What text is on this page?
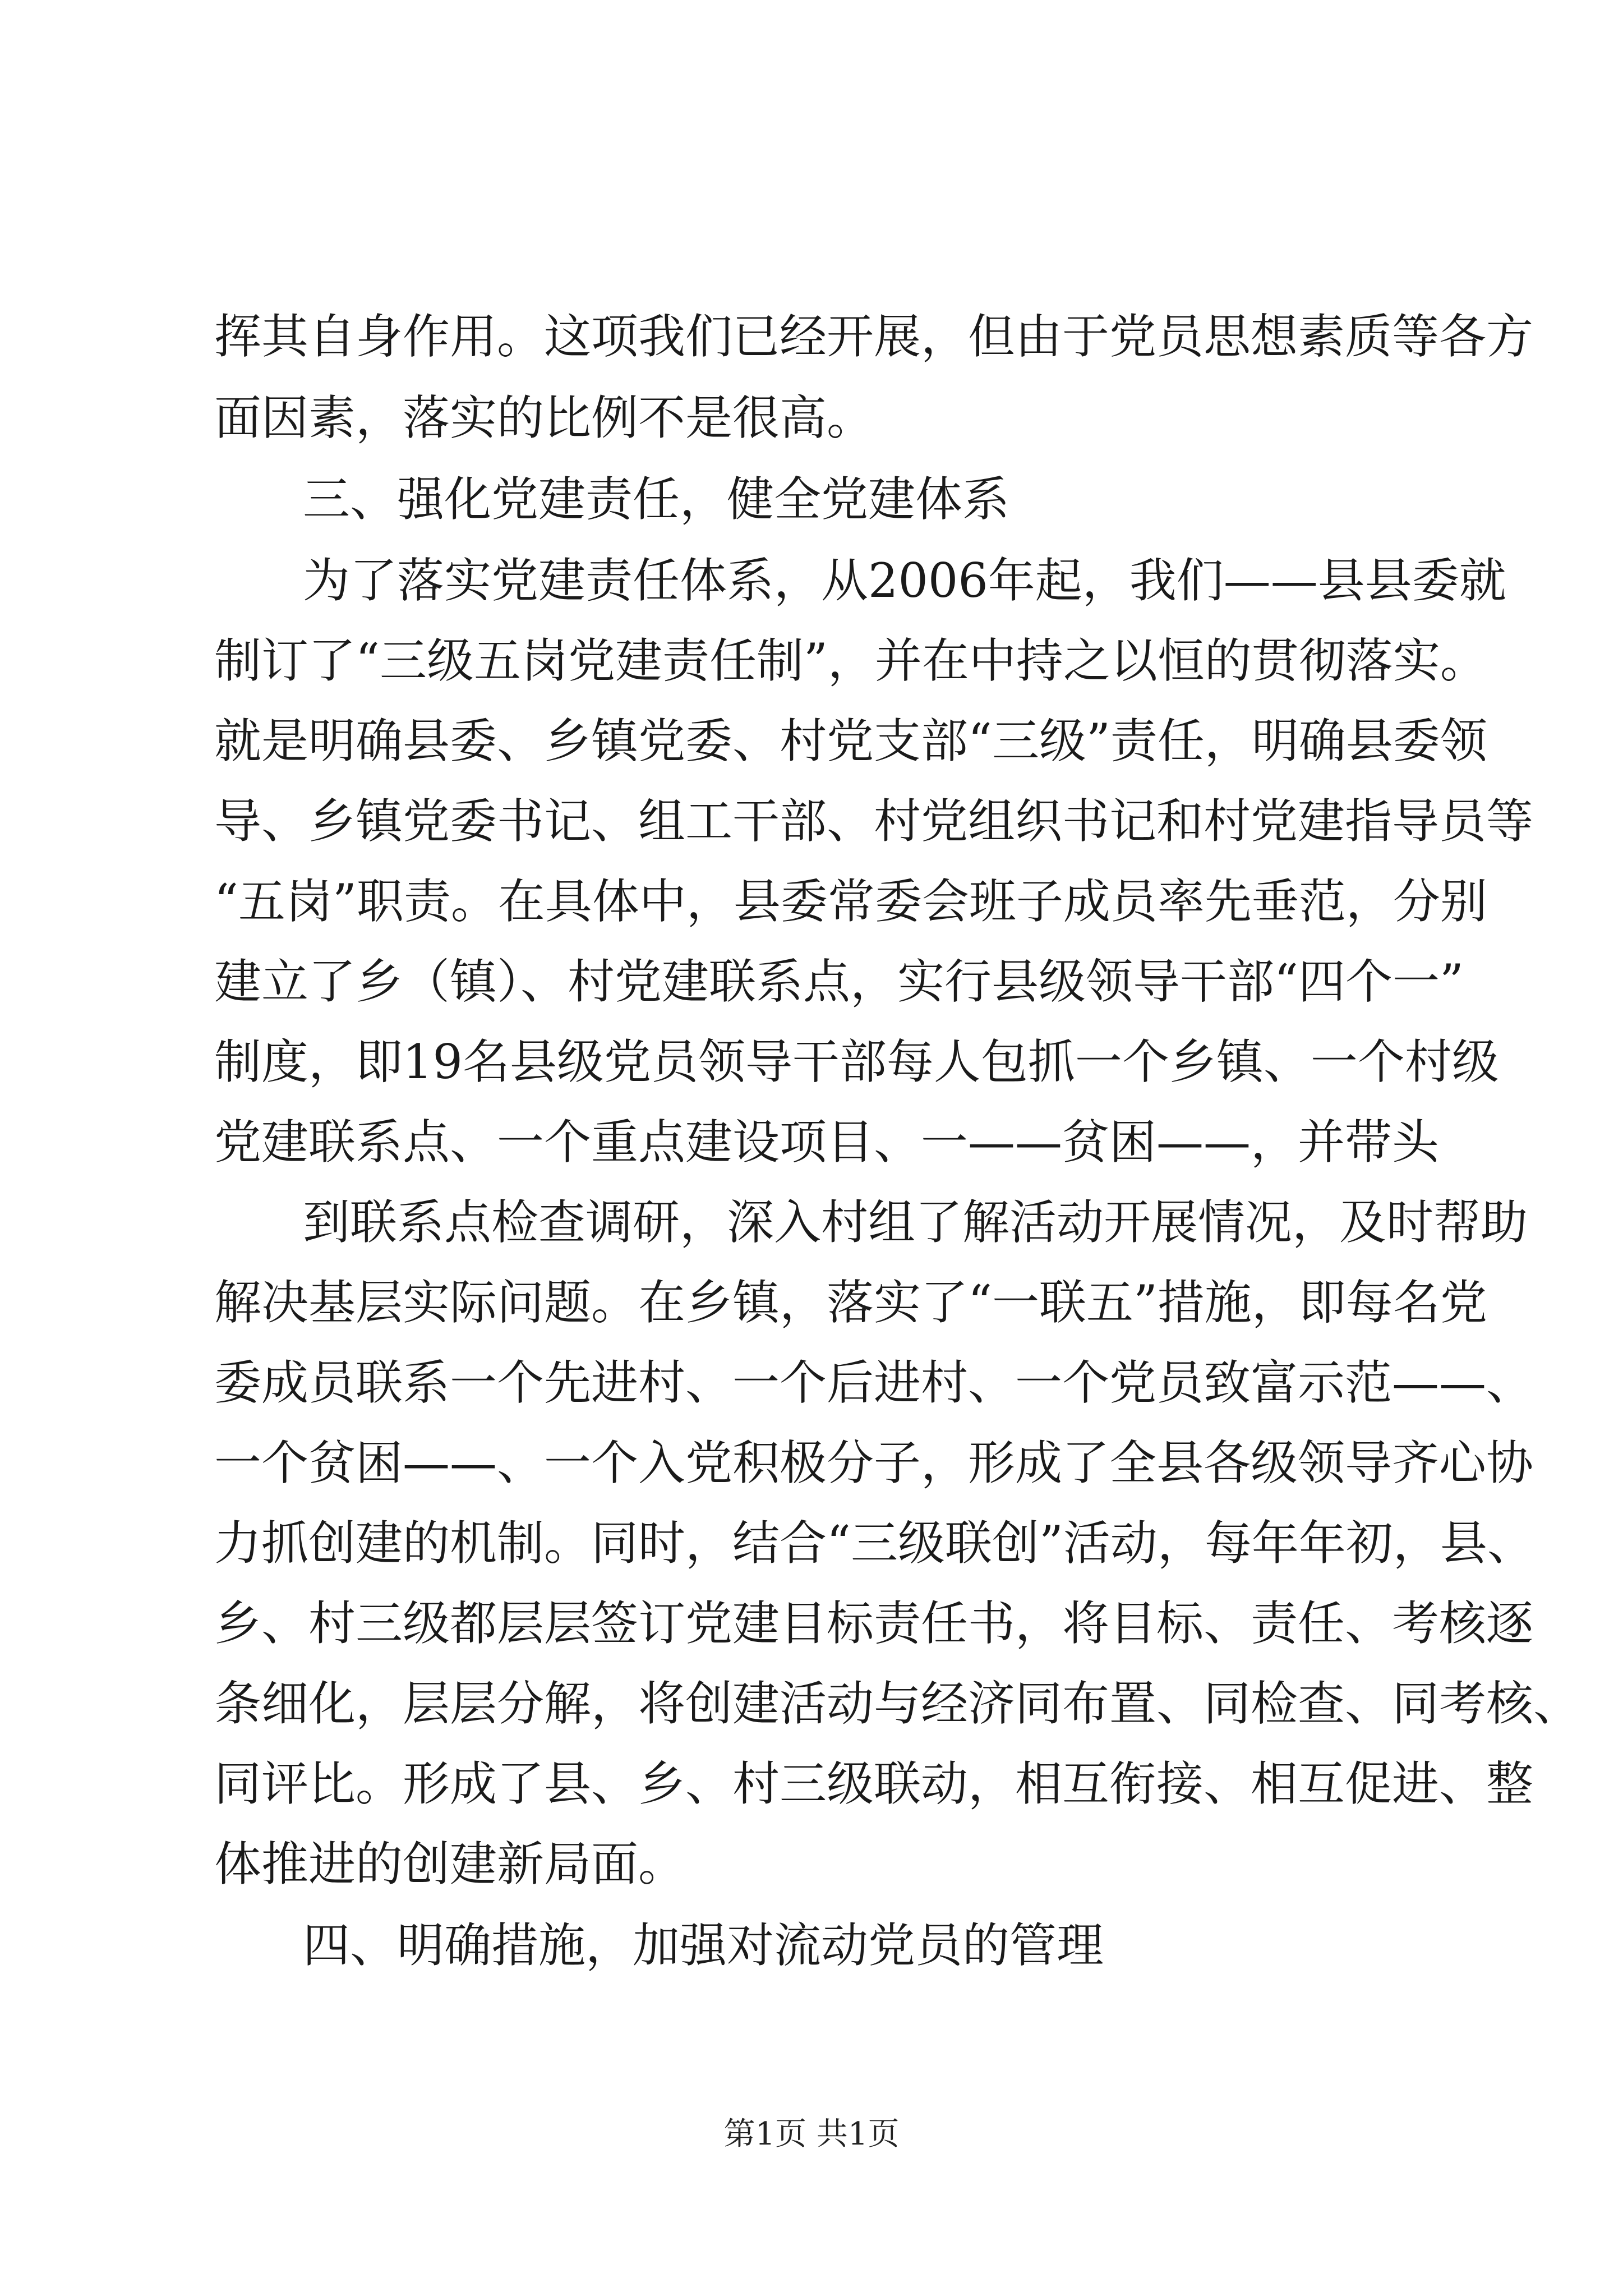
挥其自身作用。这项我们已经开展，但由于党员思想素质等各方

面因素，落实的比例不是很高。

三、强化党建责任，健全党建体系

为了落实党建责任体系，从2006年起，我们——县县委就

制订了“三级五岗党建责任制”，并在中持之以恒的贯彻落实。

就是明确县委、乡镇党委、村党支部“三级”责任，明确县委领

导、乡镇党委书记、组工干部、村党组织书记和村党建指导员等

“五岗”职责。在具体中，县委常委会班子成员率先垂范，分别

建立了乡（镇）、村党建联系点，实行县级领导干部“四个一”

制度，即19名县级党员领导干部每人包抓一个乡镇、一个村级

党建联系点、一个重点建设项目、一——贫困——，并带头

到联系点检查调研，深入村组了解活动开展情况，及时帮助

解决基层实际问题。在乡镇，落实了“一联五”措施，即每名党

委成员联系一个先进村、一个后进村、一个党员致富示范——、

一个贫困——、一个入党积极分子，形成了全县各级领导齐心协

力抓创建的机制。同时，结合“三级联创”活动，每年年初，县、

乡、村三级都层层签订党建目标责任书，将目标、责任、考核逐

条细化，层层分解，将创建活动与经济同布置、同检查、同考核、

同评比。形成了县、乡、村三级联动，相互衔接、相互促进、整

体推进的创建新局面。

四、明确措施，加强对流动党员的管理

第1页 共1页
